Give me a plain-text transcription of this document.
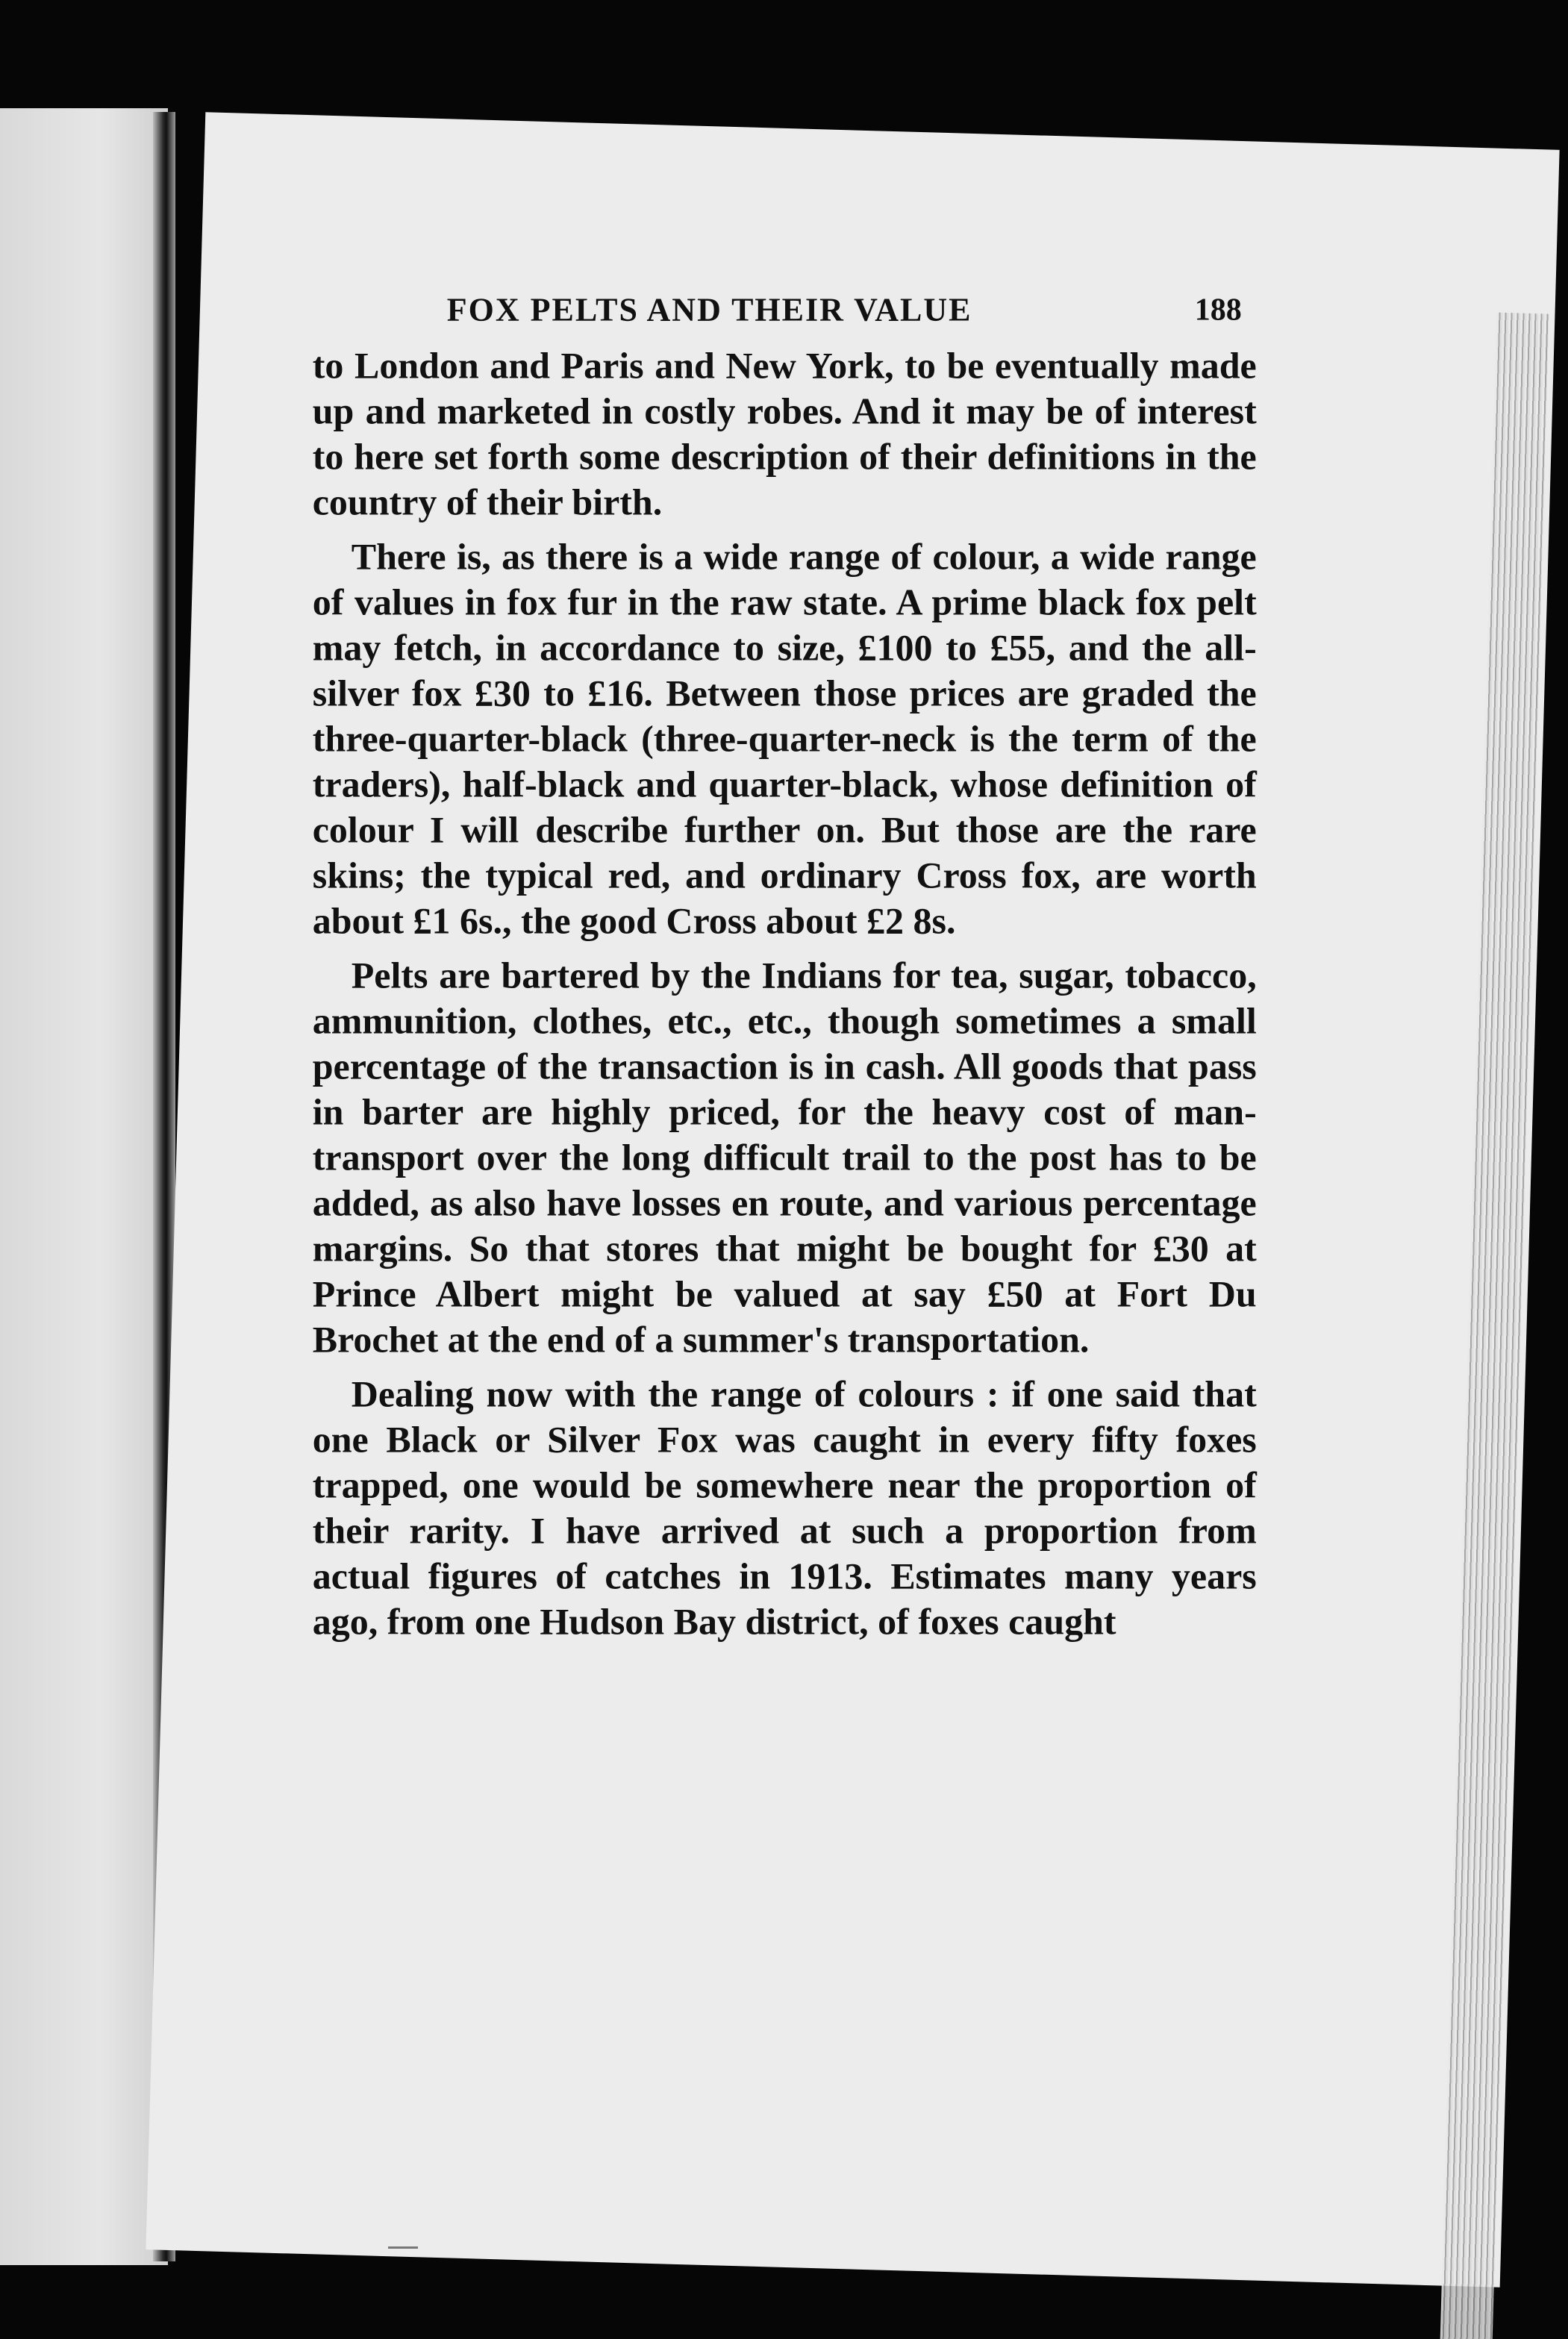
FOX PELTS AND THEIR VALUE	188

to London and Paris and New York, to be eventually made up and marketed in costly robes. And it may be of interest to here set forth some description of their definitions in the country of their birth.

There is, as there is a wide range of colour, a wide range of values in fox fur in the raw state. A prime black fox pelt may fetch, in accordance to size, £100 to £55, and the all-silver fox £30 to £16. Between those prices are graded the three-quarter-black (three-quarter-neck is the term of the traders), half-black and quarter-black, whose definition of colour I will describe further on. But those are the rare skins; the typical red, and ordinary Cross fox, are worth about £1 6s., the good Cross about £2 8s.

Pelts are bartered by the Indians for tea, sugar, tobacco, ammunition, clothes, etc., etc., though sometimes a small percentage of the transaction is in cash. All goods that pass in barter are highly priced, for the heavy cost of man-transport over the long difficult trail to the post has to be added, as also have losses en route, and various percentage margins. So that stores that might be bought for £30 at Prince Albert might be valued at say £50 at Fort Du Brochet at the end of a summer's transportation.

Dealing now with the range of colours : if one said that one Black or Silver Fox was caught in every fifty foxes trapped, one would be somewhere near the proportion of their rarity. I have arrived at such a proportion from actual figures of catches in 1913. Estimates many years ago, from one Hudson Bay district, of foxes caught
